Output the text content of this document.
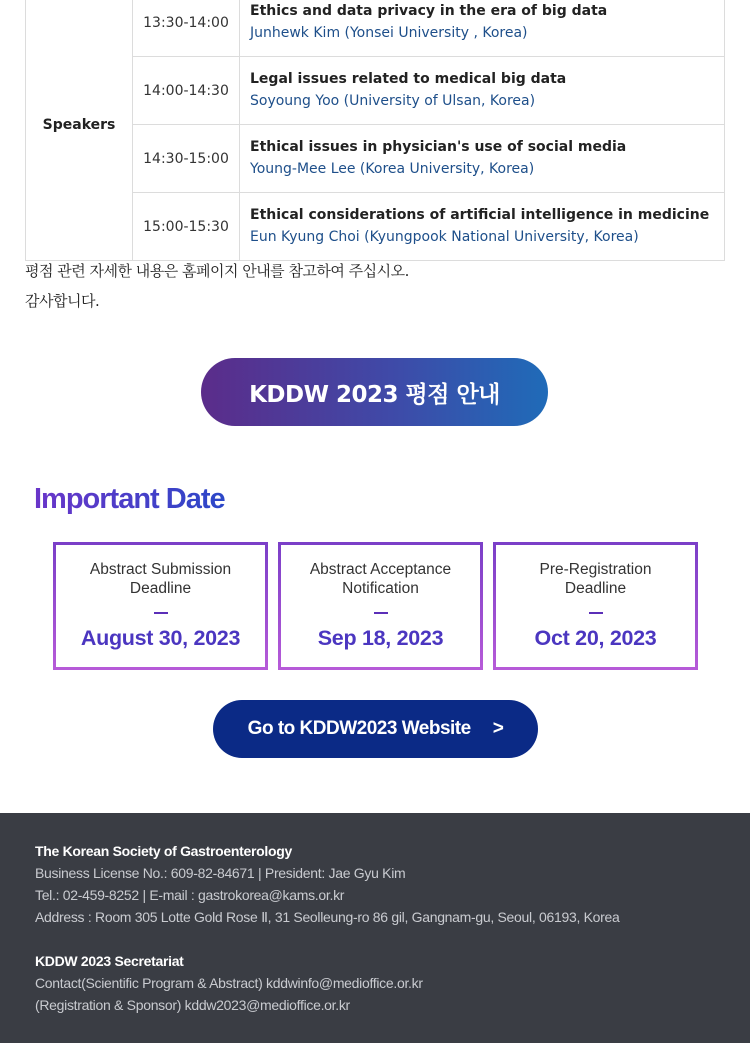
Speakers	13:30-14:00	Ethics and data privacy in the era of big data
Junhewk Kim (Yonsei University , Korea)

	14:00-14:30	Legal issues related to medical big data
Soyoung Yoo (University of Ulsan, Korea)

	14:30-15:00	Ethical issues in physician's use of social media
Young-Mee Lee (Korea University, Korea)

	15:00-15:30	Ethical considerations of artificial intelligence in medicine
Eun Kyung Choi (Kyungpook National University, Korea)
평점 관련 자세한 내용은 홈페이지 안내를 참고하여 주십시오.
감사합니다.
KDDW 2023 평점 안내
Important Date
Abstract Submission
Deadline
August 30, 2023
Abstract Acceptance
Notification
Sep 18, 2023
Pre-Registration
Deadline
Oct 20, 2023
Go to KDDW2023 Website >
The Korean Society of Gastroenterology
Business License No.: 609-82-84671 | President: Jae Gyu Kim
Tel.: 02-459-8252 | E-mail : gastrokorea@kams.or.kr
Address : Room 305 Lotte Gold Rose Ⅱ, 31 Seolleung-ro 86 gil, Gangnam-gu, Seoul, 06193, Korea
KDDW 2023 Secretariat
Contact(Scientific Program & Abstract) kddwinfo@medioffice.or.kr
(Registration & Sponsor) kddw2023@medioffice.or.kr
